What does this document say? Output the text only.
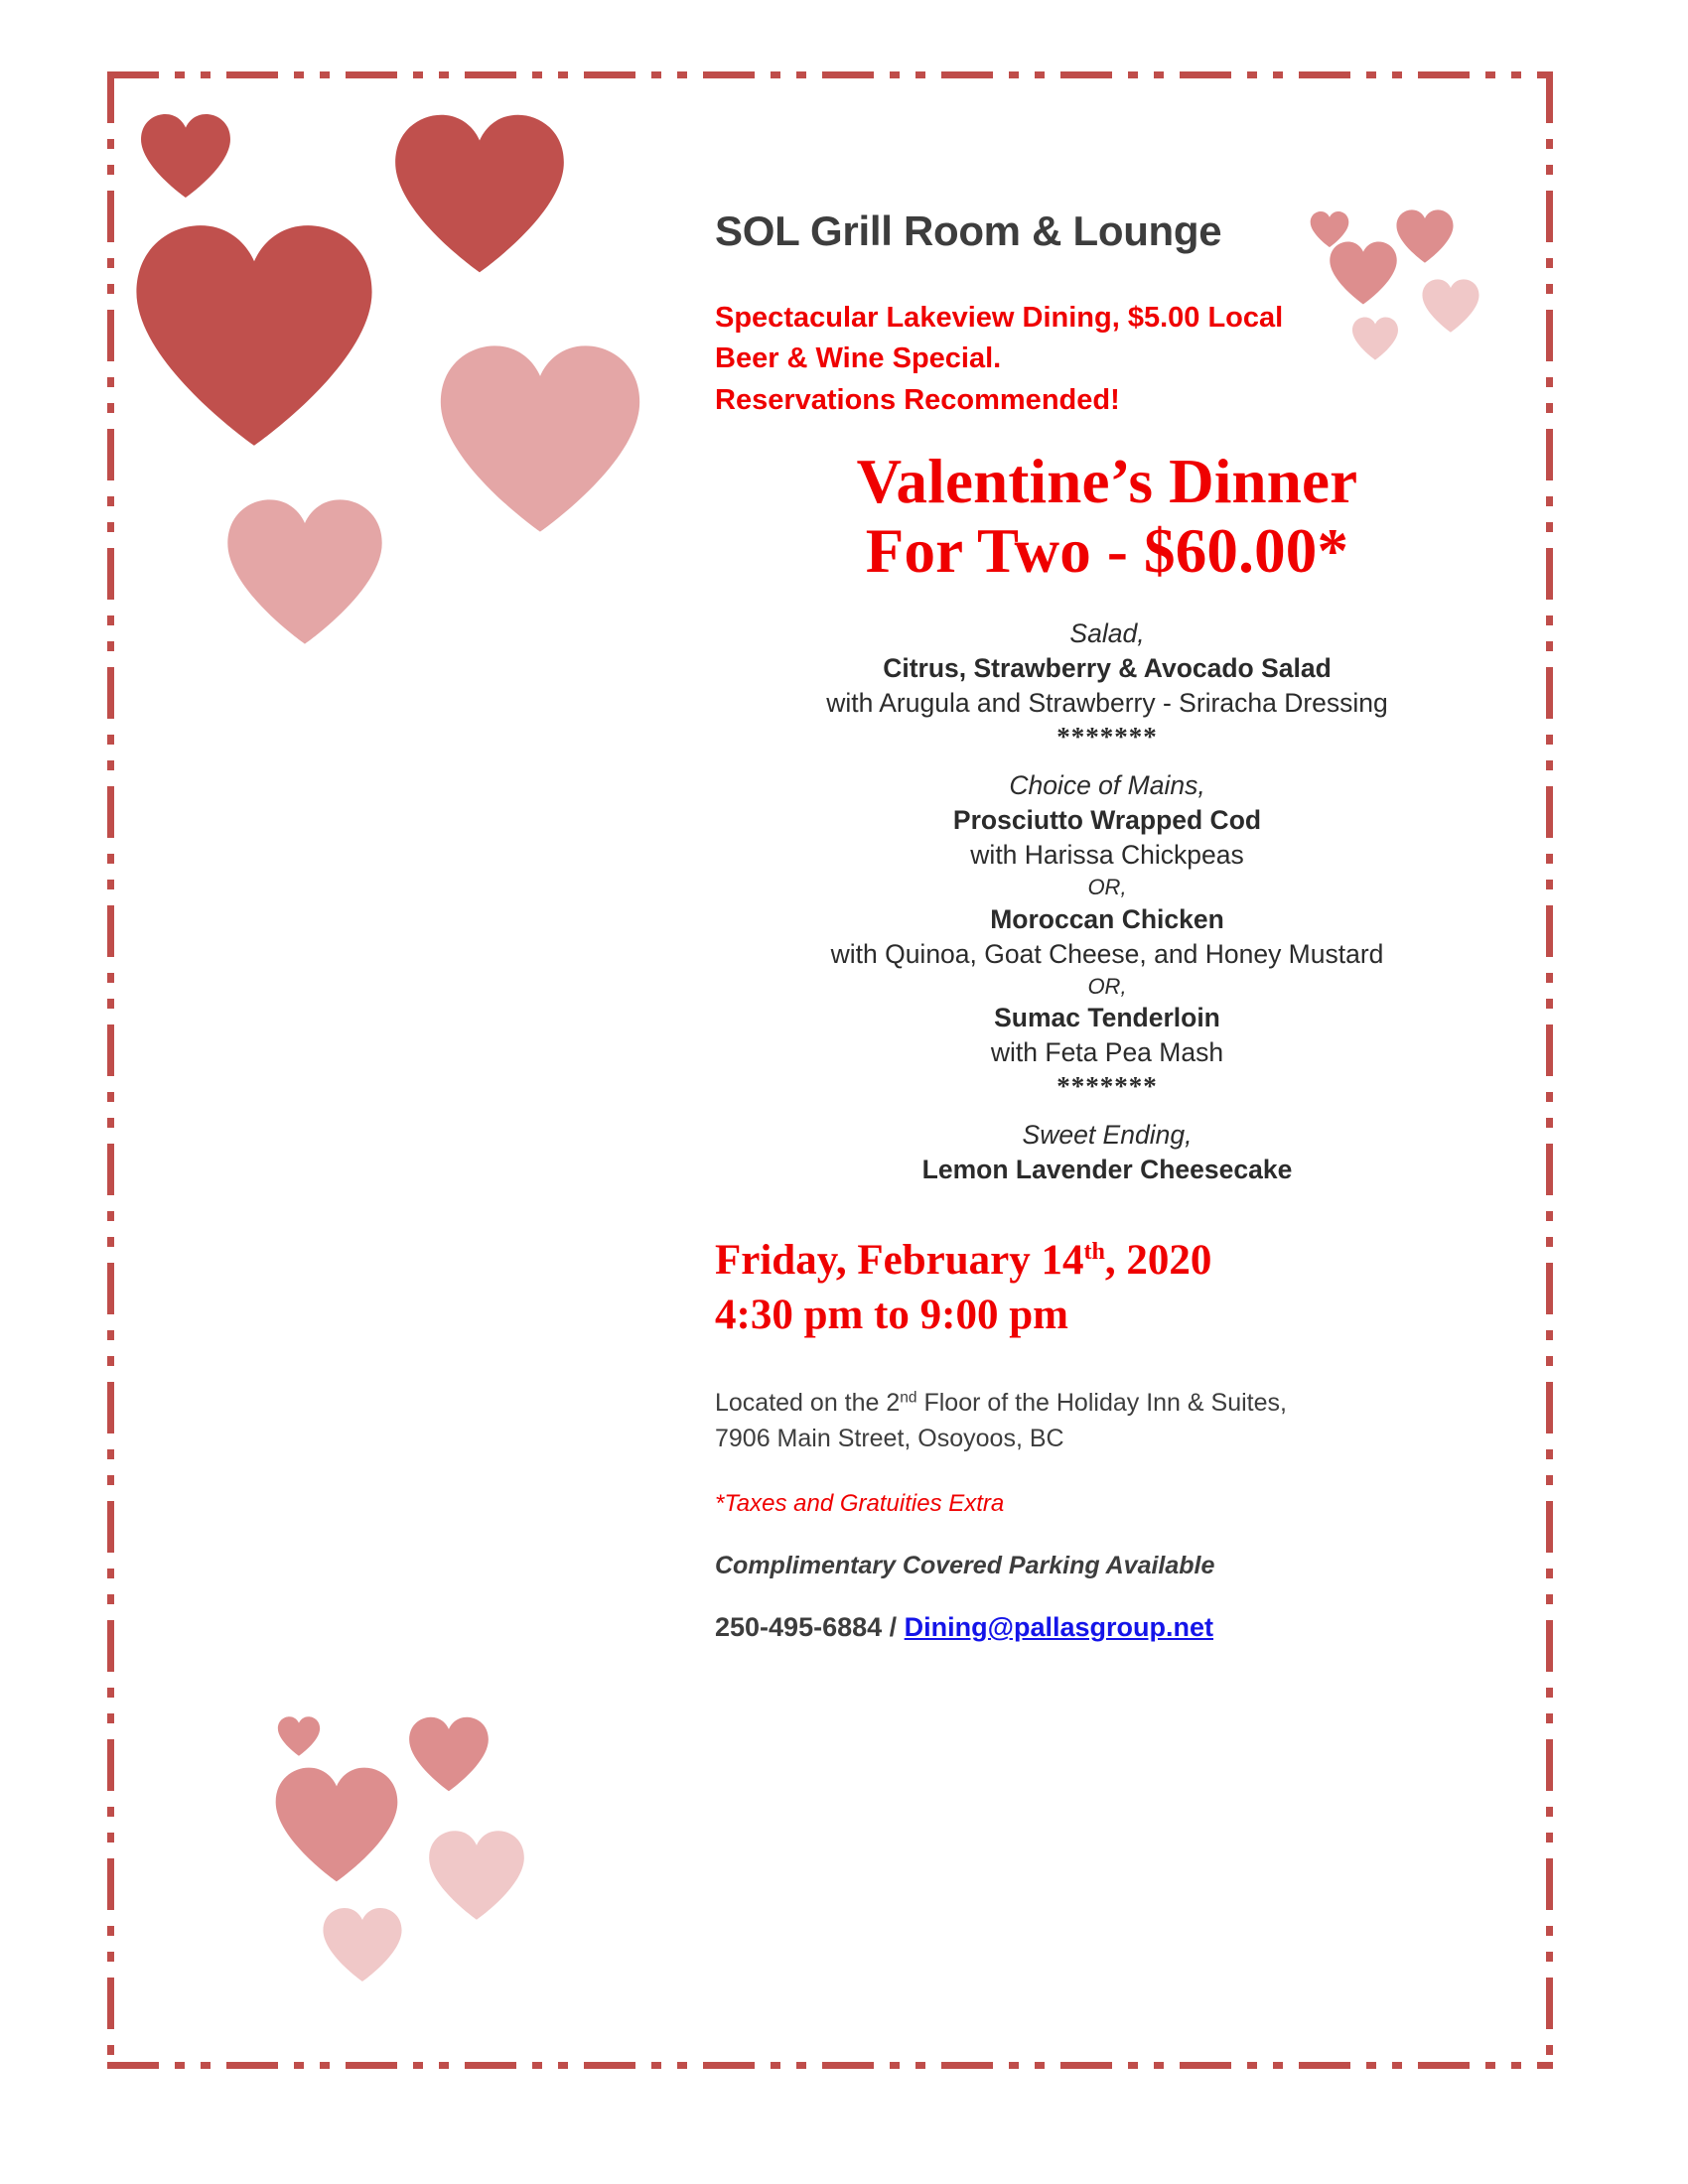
SOL Grill Room & Lounge
Spectacular Lakeview Dining, $5.00 Local
Beer & Wine Special.
Reservations Recommended!
Valentine’s Dinner
For Two - $60.00*
Salad,
Citrus, Strawberry & Avocado Salad
with Arugula and Strawberry - Sriracha Dressing
*******
Choice of Mains,
Prosciutto Wrapped Cod
with Harissa Chickpeas
OR,
Moroccan Chicken
with Quinoa, Goat Cheese, and Honey Mustard
OR,
Sumac Tenderloin
with Feta Pea Mash
*******
Sweet Ending,
Lemon Lavender Cheesecake
Friday, February 14th, 2020
4:30 pm to 9:00 pm
Located on the 2nd Floor of the Holiday Inn & Suites,
7906 Main Street, Osoyoos, BC
*Taxes and Gratuities Extra
Complimentary Covered Parking Available
250-495-6884 / Dining@pallasgroup.net
